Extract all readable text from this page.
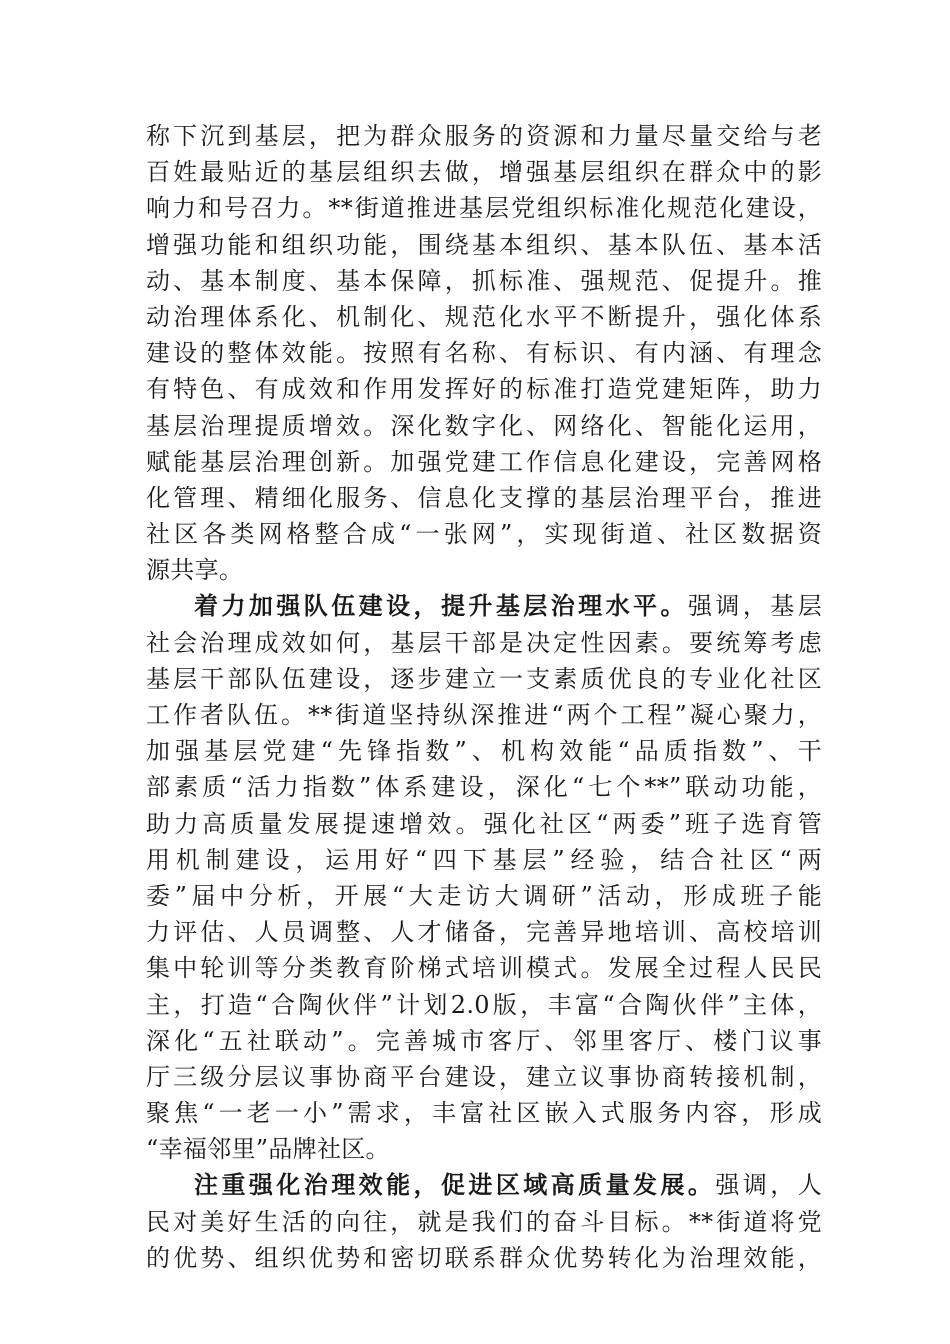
称下沉到基层，把为群众服务的资源和力量尽量交给与老
百姓最贴近的基层组织去做，增强基层组织在群众中的影
响力和号召力。**街道推进基层党组织标准化规范化建设，
增强功能和组织功能，围绕基本组织、基本队伍、基本活
动、基本制度、基本保障，抓标准、强规范、促提升。推
动治理体系化、机制化、规范化水平不断提升，强化体系
建设的整体效能。按照有名称、有标识、有内涵、有理念
有特色、有成效和作用发挥好的标准打造党建矩阵，助力
基层治理提质增效。深化数字化、网络化、智能化运用，
赋能基层治理创新。加强党建工作信息化建设，完善网格
化管理、精细化服务、信息化支撑的基层治理平台，推进
社区各类网格整合成“一张网”，实现街道、社区数据资
源共享。
着力加强队伍建设，提升基层治理水平。强调，基层
社会治理成效如何，基层干部是决定性因素。要统筹考虑
基层干部队伍建设，逐步建立一支素质优良的专业化社区
工作者队伍。**街道坚持纵深推进“两个工程”凝心聚力，
加强基层党建“先锋指数”、机构效能“品质指数”、干
部素质“活力指数”体系建设，深化“七个**”联动功能，
助力高质量发展提速增效。强化社区“两委”班子选育管
用机制建设，运用好“四下基层”经验，结合社区“两
委”届中分析，开展“大走访大调研”活动，形成班子能
力评估、人员调整、人才储备，完善异地培训、高校培训
集中轮训等分类教育阶梯式培训模式。发展全过程人民民
主，打造“合陶伙伴”计划2.0版，丰富“合陶伙伴”主体，
深化“五社联动”。完善城市客厅、邻里客厅、楼门议事
厅三级分层议事协商平台建设，建立议事协商转接机制，
聚焦“一老一小”需求，丰富社区嵌入式服务内容，形成
“幸福邻里”品牌社区。
注重强化治理效能，促进区域高质量发展。强调，人
民对美好生活的向往，就是我们的奋斗目标。**街道将党
的优势、组织优势和密切联系群众优势转化为治理效能，
